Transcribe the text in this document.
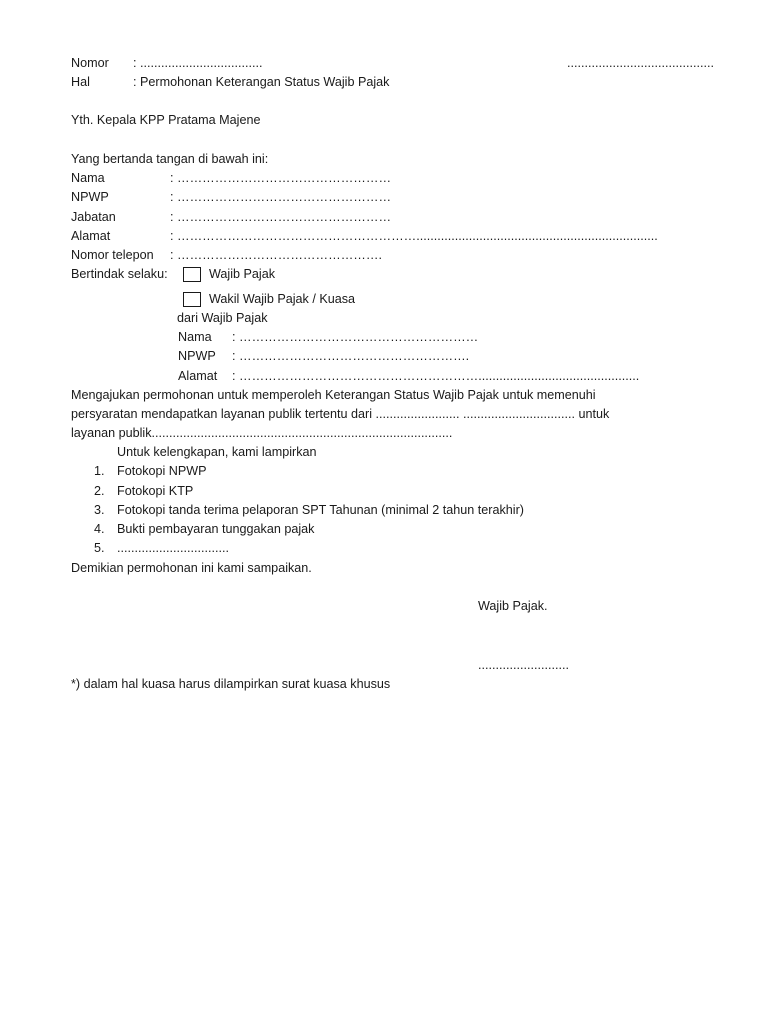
Nomor : ...................................	..........................................
Hal	: Permohonan Keterangan Status Wajib Pajak
Yth. Kepala KPP Pratama Majene
Yang bertanda tangan di bawah ini:
Nama	: ……………………………………………
NPWP	: ……………………………………………
Jabatan	: ……………………………………………
Alamat	: ………………………………………………….....................................................................
Nomor telepon : ………………………………………….
Bertindak selaku:	Wajib Pajak
Wakil Wajib Pajak / Kuasa
dari Wajib Pajak
Nama : …………………………………………………
NPWP : ……………………………………………….
Alamat : …………………………………………………..............................................
Mengajukan permohonan untuk memperoleh Keterangan Status Wajib Pajak untuk memenuhi
persyaratan mendapatkan layanan publik tertentu dari ........................ ................................ untuk
layanan publik......................................................................................
Untuk kelengkapan, kami lampirkan
1. Fotokopi NPWP
2. Fotokopi KTP
3. Fotokopi tanda terima pelaporan SPT Tahunan (minimal 2 tahun terakhir)
4. Bukti pembayaran tunggakan pajak
5. ................................
Demikian permohonan ini kami sampaikan.
Wajib Pajak.
..........................
*) dalam hal kuasa harus dilampirkan surat kuasa khusus
